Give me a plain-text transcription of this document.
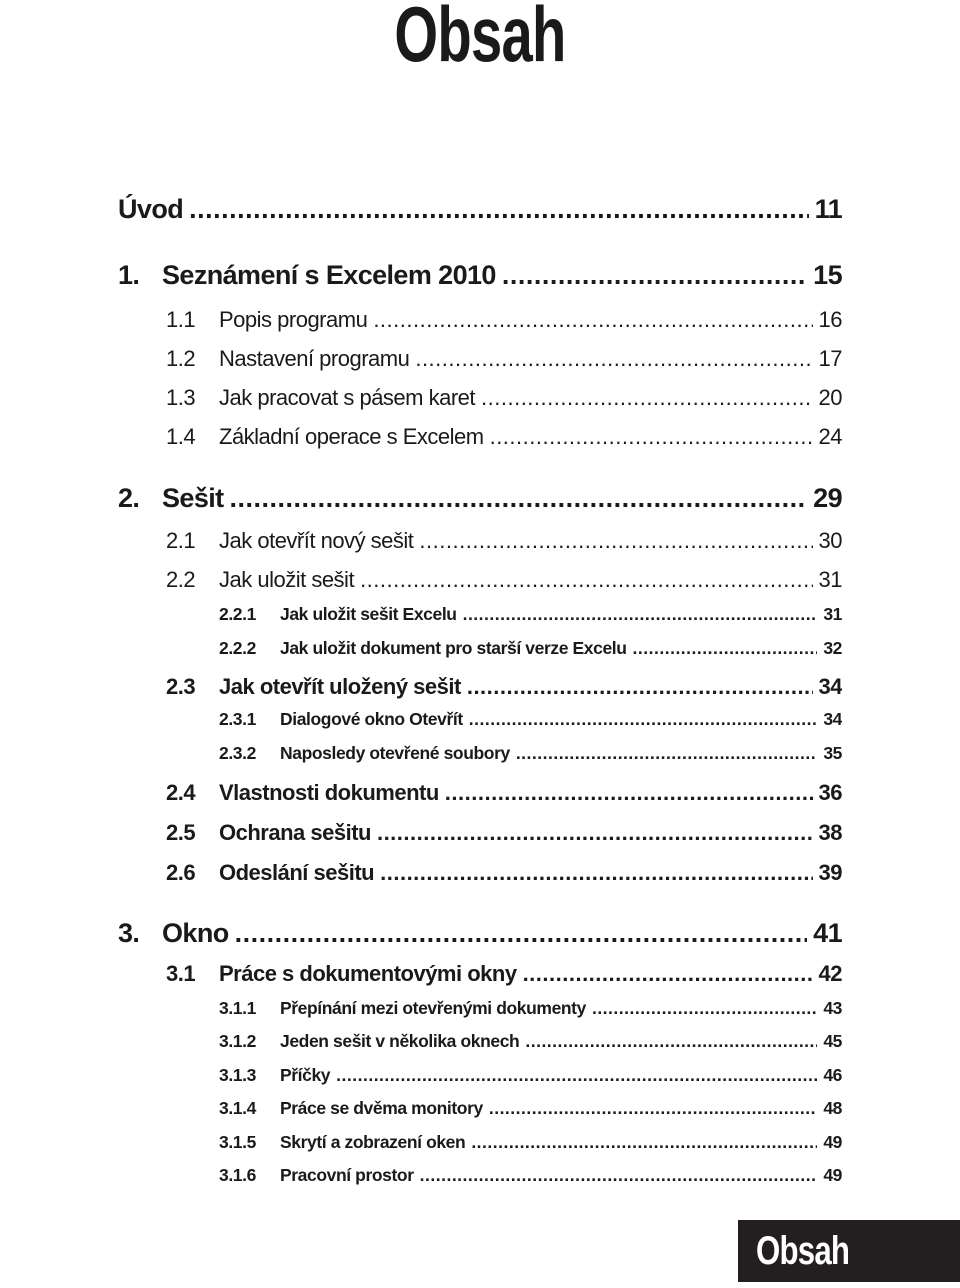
Obsah
Úvod .....	11
1. Seznámení s Excelem 2010 .....	15
1.1	Popis programu .....	16
1.2	Nastavení programu .....	17
1.3	Jak pracovat s pásem karet .....	20
1.4	Základní operace s Excelem .....	24
2. Sešit .....	29
2.1	Jak otevřít nový sešit .....	30
2.2	Jak uložit sešit .....	31
2.2.1	Jak uložit sešit Excelu .....	31
2.2.2	Jak uložit dokument pro starší verze Excelu .....	32
2.3	Jak otevřít uložený sešit .....	34
2.3.1	Dialogové okno Otevřít .....	34
2.3.2	Naposledy otevřené soubory .....	35
2.4	Vlastnosti dokumentu .....	36
2.5	Ochrana sešitu .....	38
2.6	Odeslání sešitu .....	39
3. Okno .....	41
3.1	Práce s dokumentovými okny .....	42
3.1.1	Přepínání mezi otevřenými dokumenty .....	43
3.1.2	Jeden sešit v několika oknech .....	45
3.1.3	Příčky .....	46
3.1.4	Práce se dvěma monitory .....	48
3.1.5	Skrytí a zobrazení oken .....	49
3.1.6	Pracovní prostor .....	49
Obsah
